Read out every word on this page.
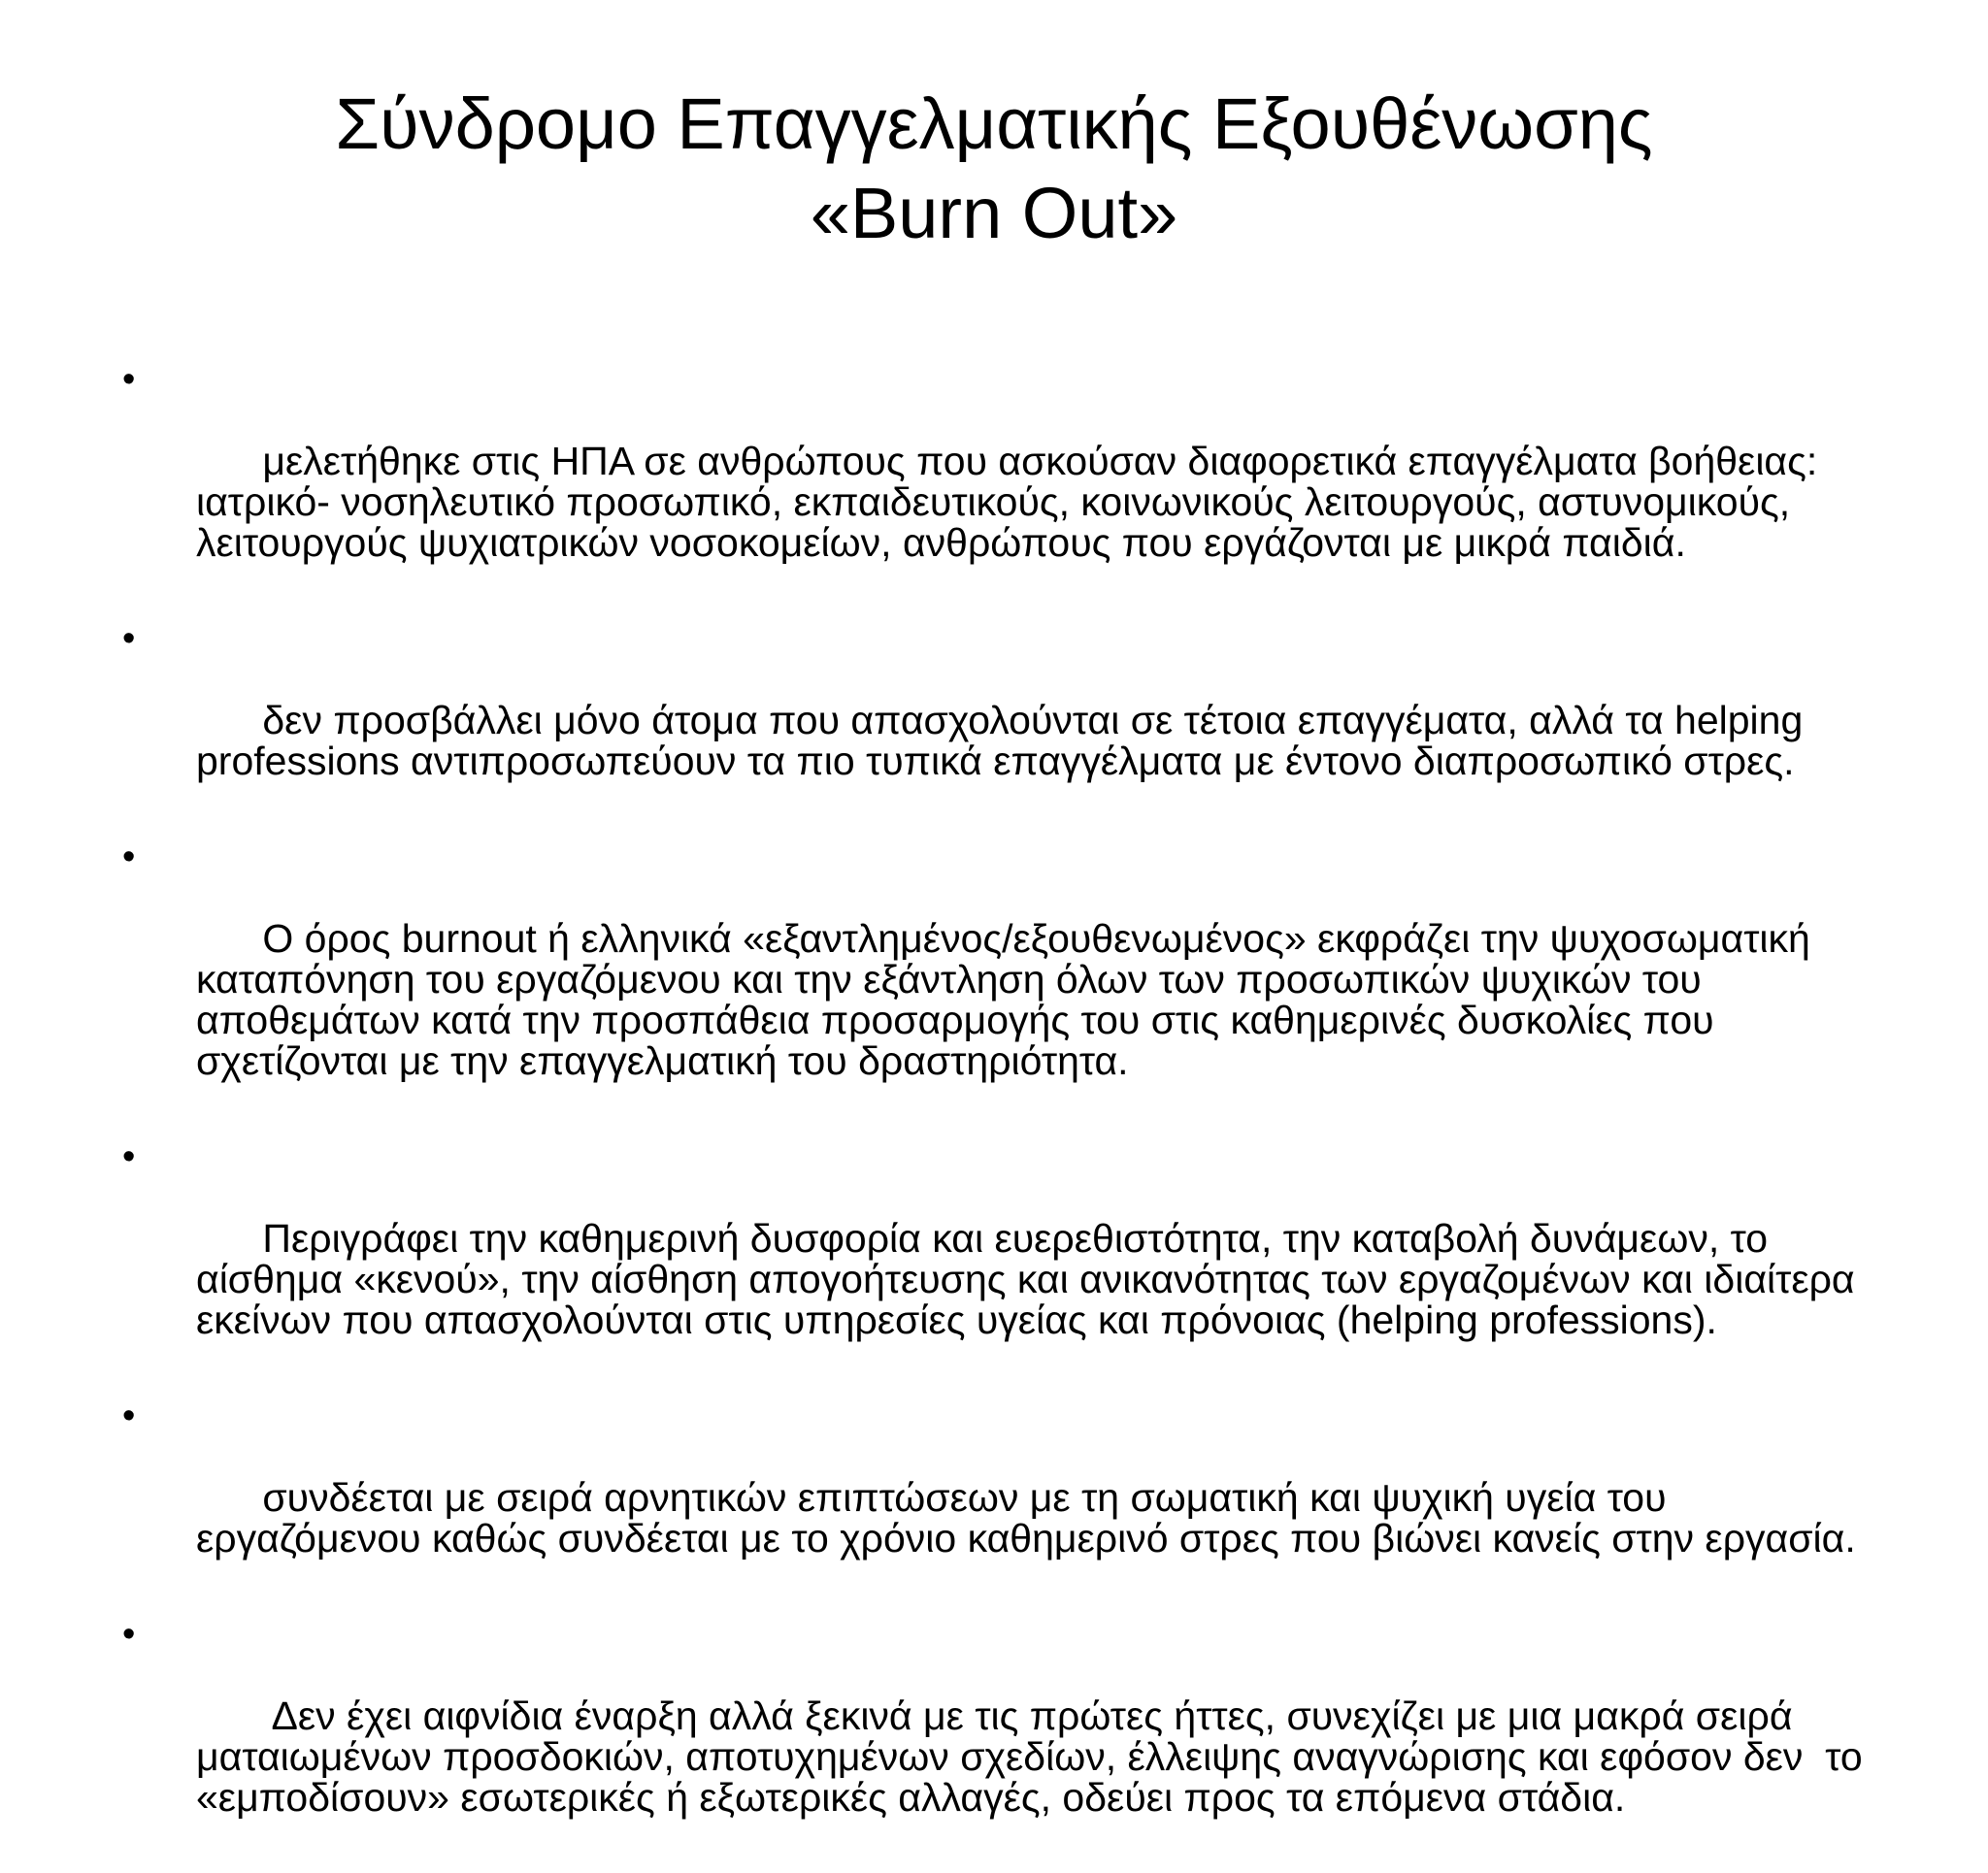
Σύνδρομο Επαγγελματικής Εξουθένωσης
«Burn Out»

•

μελετήθηκε στις ΗΠΑ σε ανθρώπους που ασκούσαν διαφορετικά επαγγέλματα βοήθειας: ιατρικό- νοσηλευτικό προσωπικό, εκπαιδευτικούς, κοινωνικούς λειτουργούς, αστυνομικούς, λειτουργούς ψυχιατρικών νοσοκομείων, ανθρώπους που εργάζονται με μικρά παιδιά.

•

δεν προσβάλλει μόνο άτομα που απασχολούνται σε τέτοια επαγγέματα, αλλά τα helping professions αντιπροσωπεύουν τα πιο τυπικά επαγγέλματα με έντονο διαπροσωπικό στρες.

•

Ο όρος burnout ή ελληνικά «εξαντλημένος/εξουθενωμένος» εκφράζει την ψυχοσωματική καταπόνηση του εργαζόμενου και την εξάντληση όλων των προσωπικών ψυχικών του αποθεμάτων κατά την προσπάθεια προσαρμογής του στις καθημερινές δυσκολίες που σχετίζονται με την επαγγελματική του δραστηριότητα.

•

Περιγράφει την καθημερινή δυσφορία και ευερεθιστότητα, την καταβολή δυνάμεων, το αίσθημα «κενού», την αίσθηση απογοήτευσης και ανικανότητας των εργαζομένων και ιδιαίτερα εκείνων που απασχολούνται στις υπηρεσίες υγείας και πρόνοιας (helping professions).

•

συνδέεται με σειρά αρνητικών επιπτώσεων με τη σωματική και ψυχική υγεία του εργαζόμενου καθώς συνδέεται με το χρόνιο καθημερινό στρες που βιώνει κανείς στην εργασία.

•

Δεν έχει αιφνίδια έναρξη αλλά ξεκινά με τις πρώτες ήττες, συνεχίζει με μια μακρά σειρά ματαιωμένων προσδοκιών, αποτυχημένων σχεδίων, έλλειψης αναγνώρισης και εφόσον δεν  το «εμποδίσουν» εσωτερικές ή εξωτερικές αλλαγές, οδεύει προς τα επόμενα στάδια.
